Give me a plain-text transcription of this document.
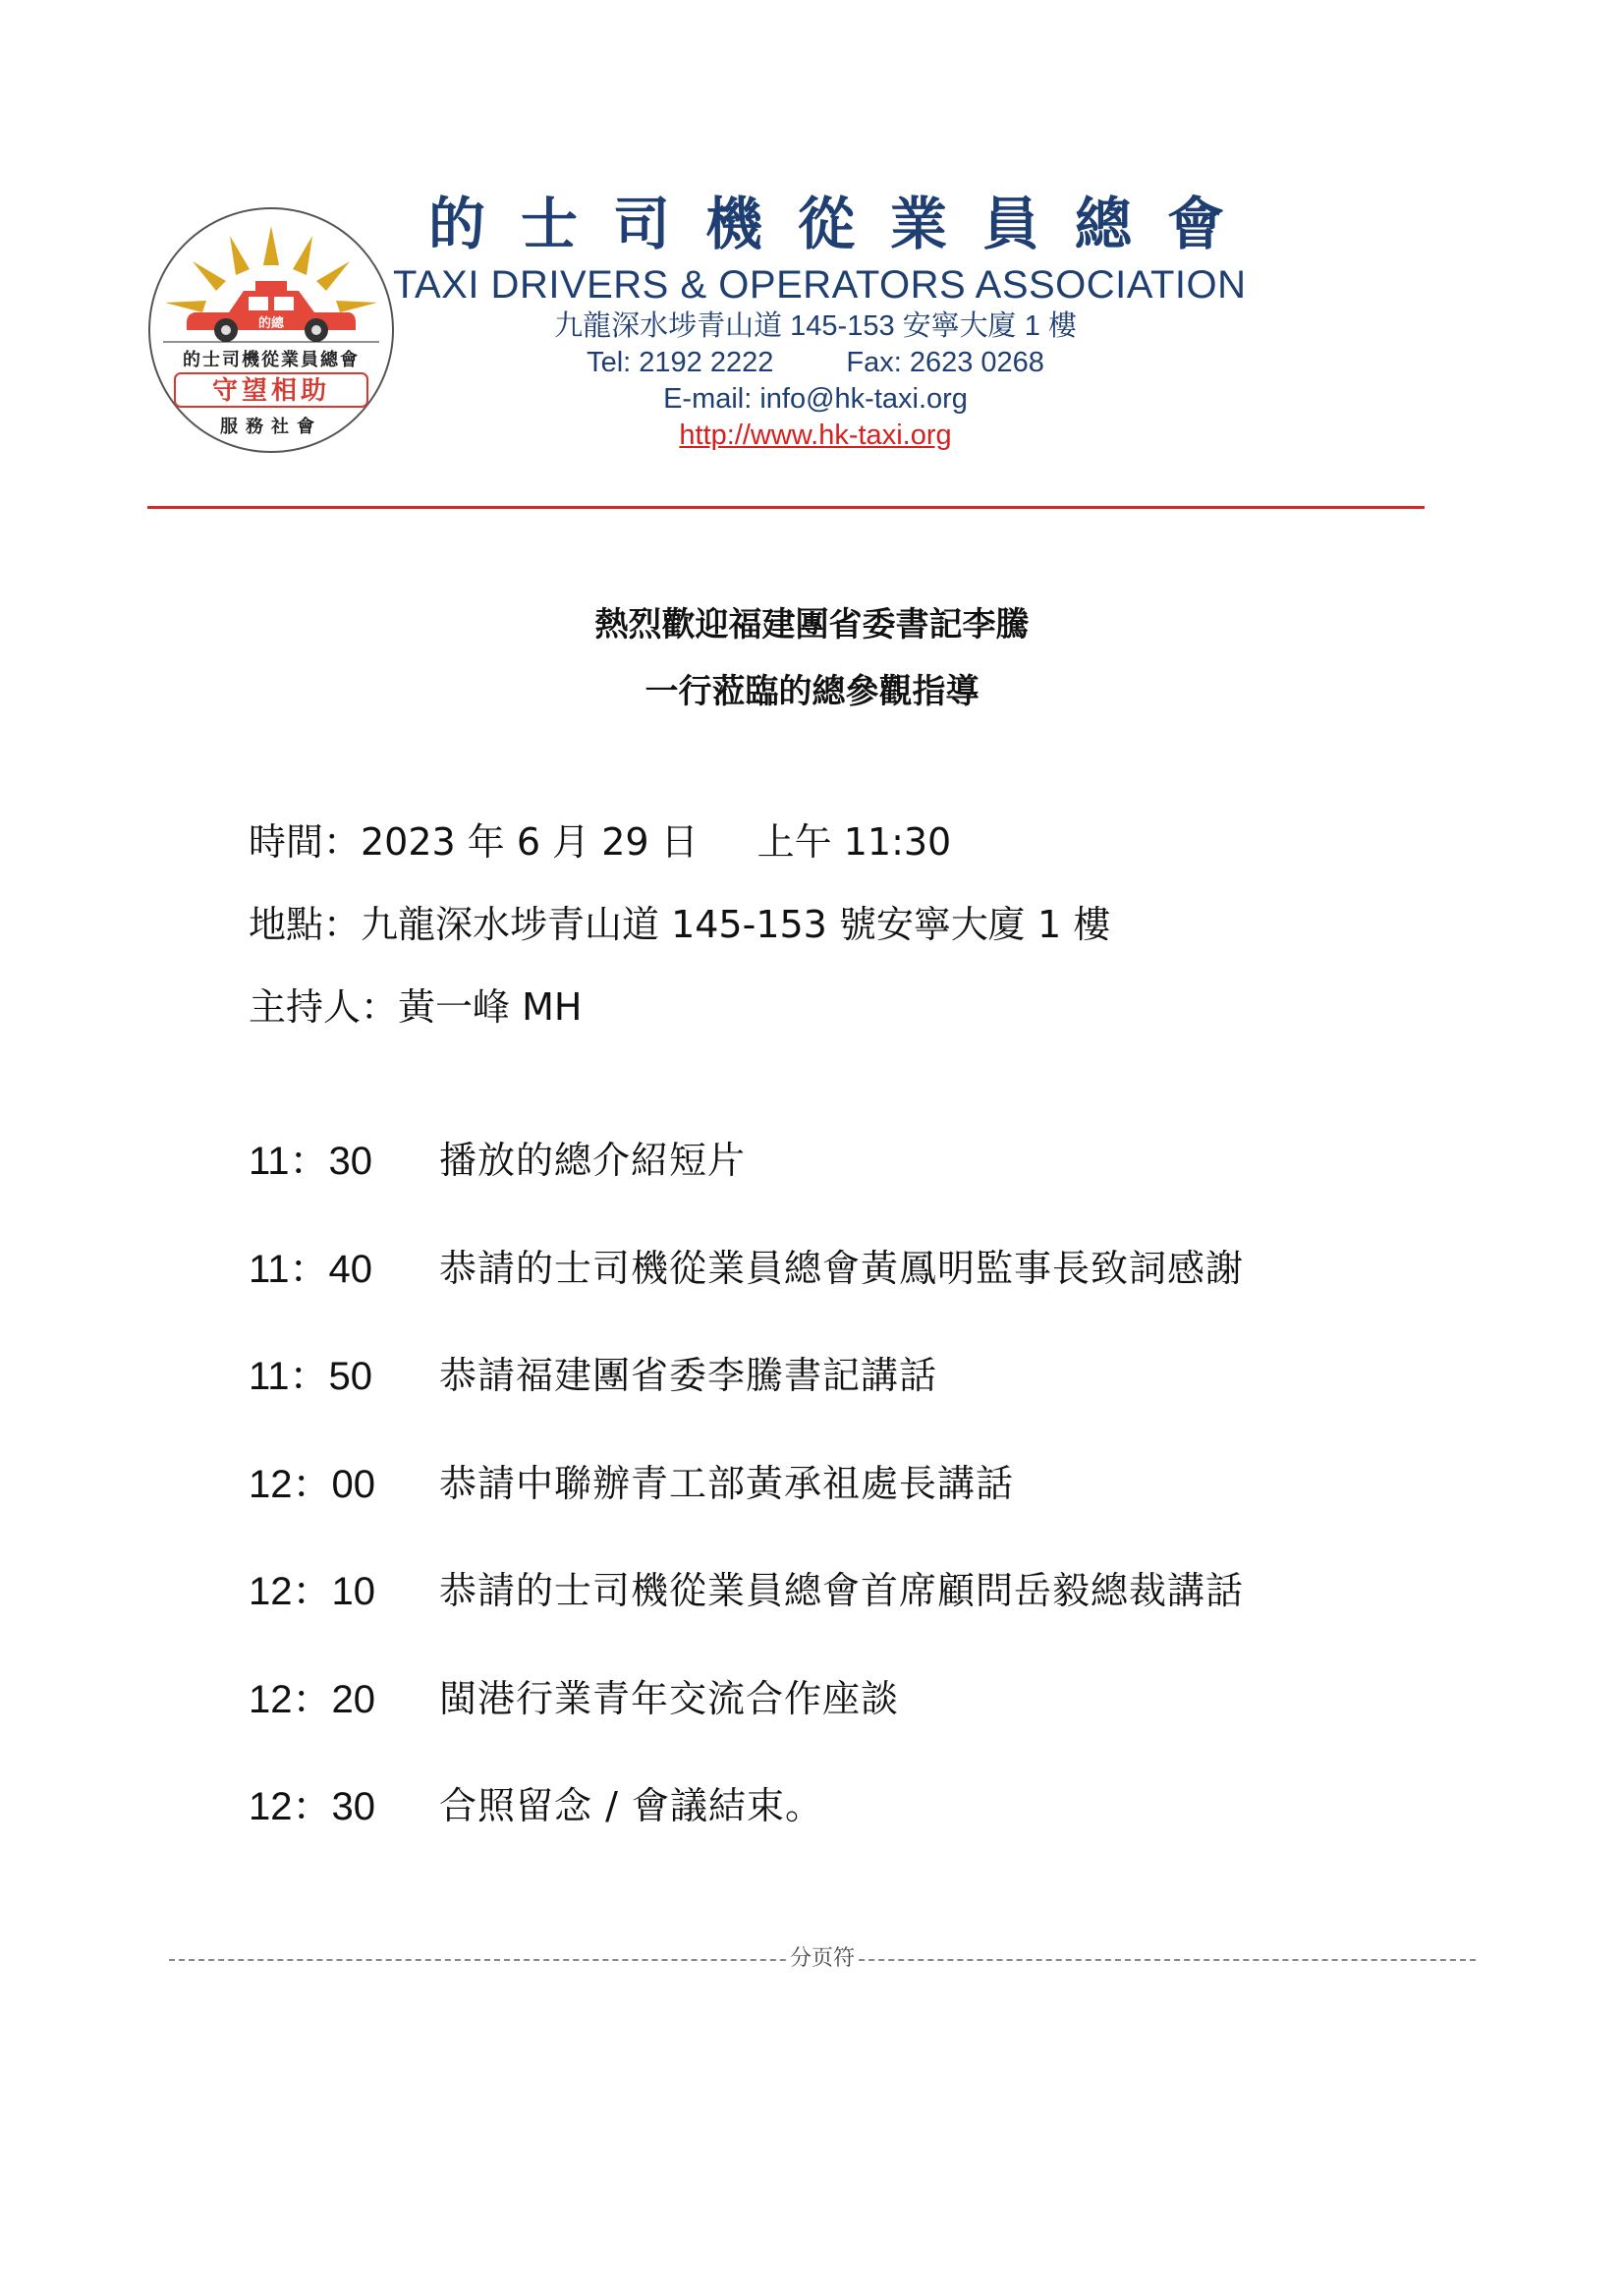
的總
的士司機從業員總會
守望相助
服務社會
的士司機從業員總會
TAXI DRIVERS & OPERATORS ASSOCIATION
九龍深水埗青山道 145-153 安寧大廈 1 樓
Tel: 2192 2222	Fax: 2623 0268
E-mail: info@hk-taxi.org
http://www.hk-taxi.org
熱烈歡迎福建團省委書記李騰
一行蒞臨的總參觀指導
時間：2023 年 6 月 29 日 上午 11:30
地點：九龍深水埗青山道 145-153 號安寧大廈 1 樓
主持人：黃一峰 MH
11：30	播放的總介紹短片
11：40	恭請的士司機從業員總會黃鳳明監事長致詞感謝
11：50	恭請福建團省委李騰書記講話
12：00	恭請中聯辦青工部黃承祖處長講話
12：10	恭請的士司機從業員總會首席顧問岳毅總裁講話
12：20	閩港行業青年交流合作座談
12：30	合照留念 / 會議結束。
分页符
